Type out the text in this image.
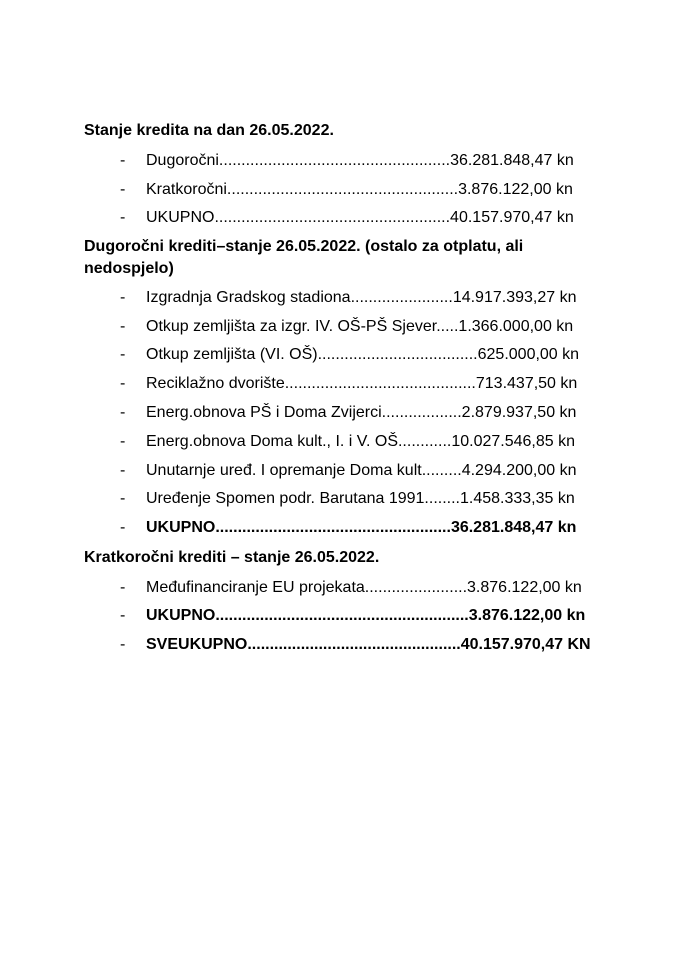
Stanje kredita na dan 26.05.2022.
- Dugoročni....................................................36.281.848,47 kn
- Kratkoročni....................................................3.876.122,00 kn
- UKUPNO.....................................................40.157.970,47 kn
Dugoročni krediti–stanje 26.05.2022. (ostalo za otplatu, ali nedospjelo)
- Izgradnja Gradskog stadiona.......................14.917.393,27 kn
- Otkup zemljišta za izgr. IV. OŠ-PŠ Sjever.....1.366.000,00 kn
- Otkup zemljišta (VI. OŠ)....................................625.000,00 kn
- Reciklažno dvorište...........................................713.437,50 kn
- Energ.obnova PŠ i Doma Zvijerci..................2.879.937,50 kn
- Energ.obnova Doma kult., I. i V. OŠ............10.027.546,85 kn
- Unutarnje uređ. I opremanje Doma kult.........4.294.200,00 kn
- Uređenje Spomen podr. Barutana 1991........1.458.333,35 kn
- UKUPNO.....................................................36.281.848,47 kn
Kratkoročni krediti – stanje 26.05.2022.
- Međufinanciranje EU projekata.......................3.876.122,00 kn
- UKUPNO.........................................................3.876.122,00 kn
- SVEUKUPNO................................................40.157.970,47 KN
